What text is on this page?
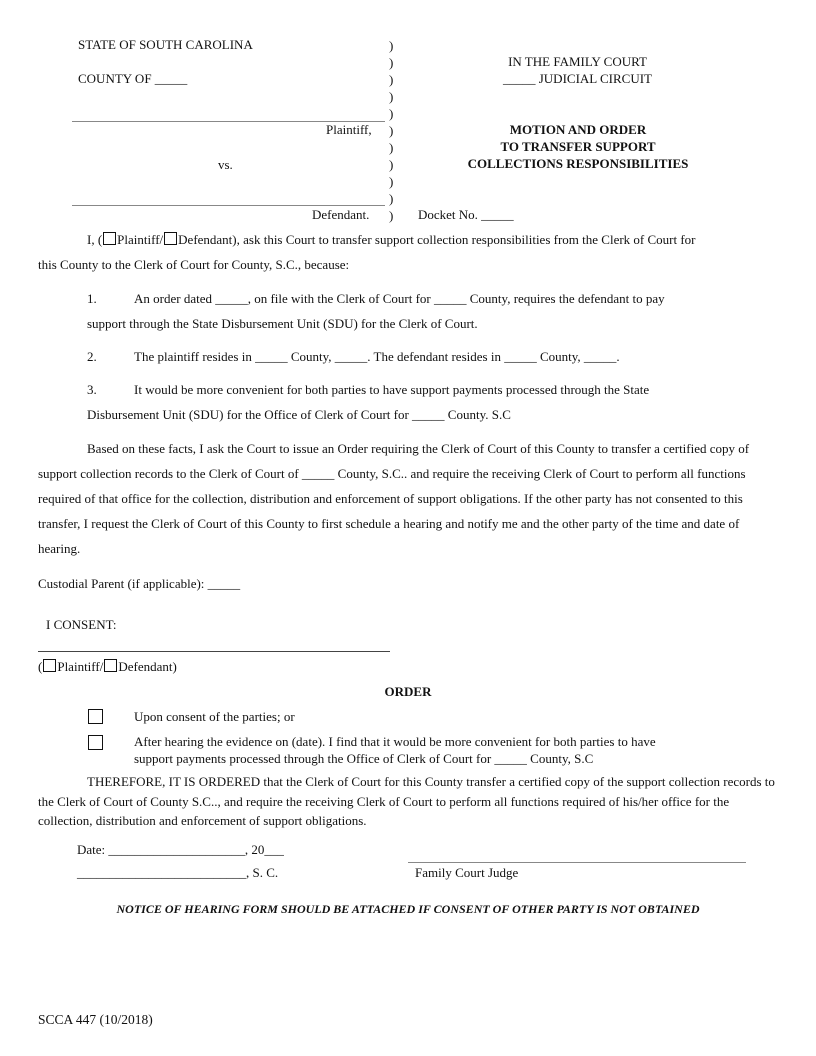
STATE OF SOUTH CAROLINA
COUNTY OF _____
Plaintiff,
vs.
Defendant.
)
)
)
)
)
)
)
)
)
)
)
IN THE FAMILY COURT
_____ JUDICIAL CIRCUIT
MOTION AND ORDER
TO TRANSFER SUPPORT
COLLECTIONS RESPONSIBILITIES
Docket No. _____
I, ( Plaintiff/ Defendant), ask this Court to transfer support collection responsibilities from the Clerk of Court for
this County to the Clerk of Court for County, S.C., because:
1.	An order dated _____, on file with the Clerk of Court for _____ County, requires the defendant to pay
support through the State Disbursement Unit (SDU) for the Clerk of Court.
2.	The plaintiff resides in _____ County, _____. The defendant resides in _____ County, _____.
3.	It would be more convenient for both parties to have support payments processed through the State
Disbursement Unit (SDU) for the Office of Clerk of Court for _____ County. S.C
Based on these facts, I ask the Court to issue an Order requiring the Clerk of Court of this County to transfer a certified copy of support collection records to the Clerk of Court of _____ County, S.C.. and require the receiving Clerk of Court to perform all functions required of that office for the collection, distribution and enforcement of support obligations. If the other party has not consented to this transfer, I request the Clerk of Court of this County to first schedule a hearing and notify me and the other party of the time and date of hearing.
Custodial Parent (if applicable): _____
I CONSENT:
( Plaintiff/ Defendant)
ORDER
Upon consent of the parties; or
After hearing the evidence on (date). I find that it would be more convenient for both parties to have
support payments processed through the Office of Clerk of Court for _____ County, S.C
THEREFORE, IT IS ORDERED that the Clerk of Court for this County transfer a certified copy of the support collection records to the Clerk of Court of County S.C.., and require the receiving Clerk of Court to perform all functions required of his/her office for the collection, distribution and enforcement of support obligations.
Date: _____________________, 20___
__________________________, S. C.	Family Court Judge
NOTICE OF HEARING FORM SHOULD BE ATTACHED IF CONSENT OF OTHER PARTY IS NOT OBTAINED
SCCA 447 (10/2018)
